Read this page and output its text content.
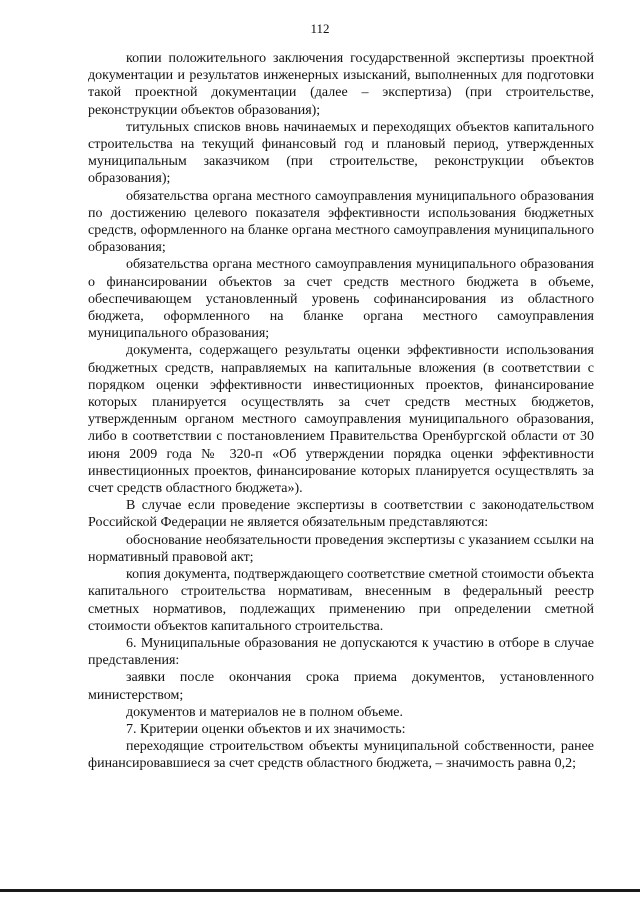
112

копии положительного заключения государственной экспертизы проектной документации и результатов инженерных изысканий, выполненных для подготовки такой проектной документации (далее – экспертиза) (при строительстве, реконструкции объектов образования);

титульных списков вновь начинаемых и переходящих объектов капитального строительства на текущий финансовый год и плановый период, утвержденных муниципальным заказчиком (при строительстве, реконструкции объектов образования);

обязательства органа местного самоуправления муниципального образования по достижению целевого показателя эффективности использования бюджетных средств, оформленного на бланке органа местного самоуправления муниципального образования;

обязательства органа местного самоуправления муниципального образования о финансировании объектов за счет средств местного бюджета в объеме, обеспечивающем установленный уровень софинансирования из областного бюджета, оформленного на бланке органа местного самоуправления муниципального образования;

документа, содержащего результаты оценки эффективности использования бюджетных средств, направляемых на капитальные вложения (в соответствии с порядком оценки эффективности инвестиционных проектов, финансирование которых планируется осуществлять за счет средств местных бюджетов, утвержденным органом местного самоуправления муниципального образования, либо в соответствии с постановлением Правительства Оренбургской области от 30 июня 2009 года № 320-п «Об утверждении порядка оценки эффективности инвестиционных проектов, финансирование которых планируется осуществлять за счет средств областного бюджета»).

В случае если проведение экспертизы в соответствии с законодательством Российской Федерации не является обязательным представляются:

обоснование необязательности проведения экспертизы с указанием ссылки на нормативный правовой акт;

копия документа, подтверждающего соответствие сметной стоимости объекта капитального строительства нормативам, внесенным в федеральный реестр сметных нормативов, подлежащих применению при определении сметной стоимости объектов капитального строительства.

6. Муниципальные образования не допускаются к участию в отборе в случае представления:

заявки после окончания срока приема документов, установленного министерством;

документов и материалов не в полном объеме.

7. Критерии оценки объектов и их значимость:

переходящие строительством объекты муниципальной собственности, ранее финансировавшиеся за счет средств областного бюджета, – значимость равна 0,2;
